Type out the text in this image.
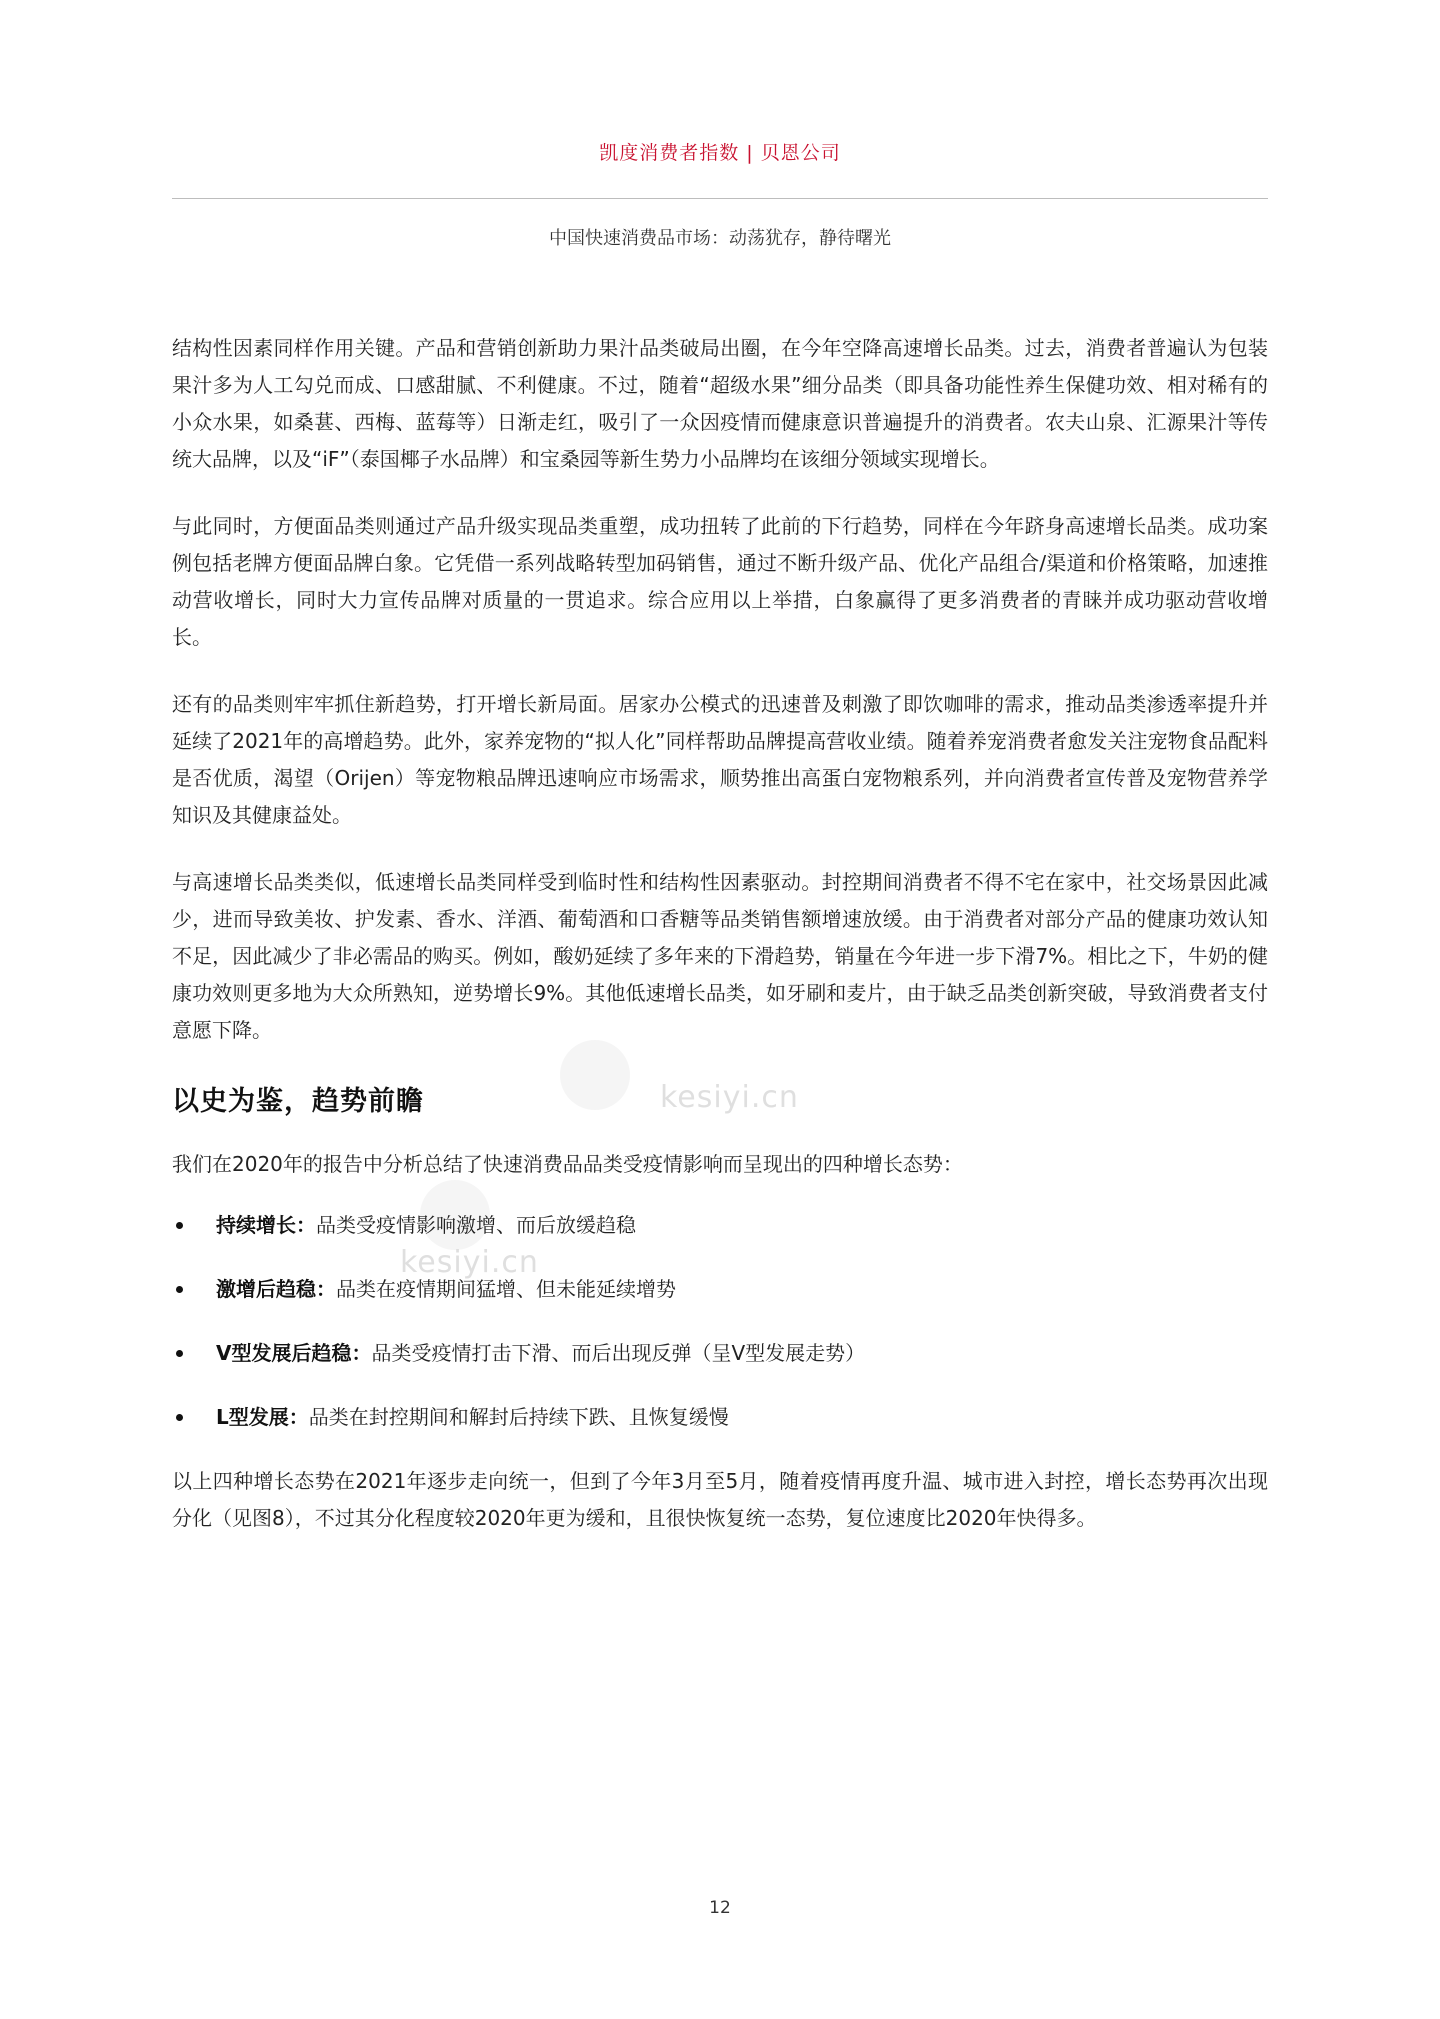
凯度消费者指数 | 贝恩公司
中国快速消费品市场：动荡犹存，静待曙光
kesiyi.cn
kesiyi.cn

结构性因素同样作用关键。产品和营销创新助力果汁品类破局出圈，在今年空降高速增长品类。过去，消费者普遍认为包装果汁多为人工勾兑而成、口感甜腻、不利健康。不过，随着“超级水果”细分品类（即具备功能性养生保健功效、相对稀有的小众水果，如桑葚、西梅、蓝莓等）日渐走红，吸引了一众因疫情而健康意识普遍提升的消费者。农夫山泉、汇源果汁等传统大品牌，以及“iF”（泰国椰子水品牌）和宝桑园等新生势力小品牌均在该细分领域实现增长。

与此同时，方便面品类则通过产品升级实现品类重塑，成功扭转了此前的下行趋势，同样在今年跻身高速增长品类。成功案例包括老牌方便面品牌白象。它凭借一系列战略转型加码销售，通过不断升级产品、优化产品组合/渠道和价格策略，加速推动营收增长，同时大力宣传品牌对质量的一贯追求。综合应用以上举措，白象赢得了更多消费者的青睐并成功驱动营收增长。

还有的品类则牢牢抓住新趋势，打开增长新局面。居家办公模式的迅速普及刺激了即饮咖啡的需求，推动品类渗透率提升并延续了2021年的高增趋势。此外，家养宠物的“拟人化”同样帮助品牌提高营收业绩。随着养宠消费者愈发关注宠物食品配料是否优质，渴望（Orijen）等宠物粮品牌迅速响应市场需求，顺势推出高蛋白宠物粮系列，并向消费者宣传普及宠物营养学知识及其健康益处。

与高速增长品类类似，低速增长品类同样受到临时性和结构性因素驱动。封控期间消费者不得不宅在家中，社交场景因此减少，进而导致美妆、护发素、香水、洋酒、葡萄酒和口香糖等品类销售额增速放缓。由于消费者对部分产品的健康功效认知不足，因此减少了非必需品的购买。例如，酸奶延续了多年来的下滑趋势，销量在今年进一步下滑7%。相比之下，牛奶的健康功效则更多地为大众所熟知，逆势增长9%。其他低速增长品类，如牙刷和麦片，由于缺乏品类创新突破，导致消费者支付意愿下降。

以史为鉴，趋势前瞻

我们在2020年的报告中分析总结了快速消费品品类受疫情影响而呈现出的四种增长态势：

持续增长：品类受疫情影响激增、而后放缓趋稳
激增后趋稳：品类在疫情期间猛增、但未能延续增势
V型发展后趋稳：品类受疫情打击下滑、而后出现反弹（呈V型发展走势）
L型发展：品类在封控期间和解封后持续下跌、且恢复缓慢

以上四种增长态势在2021年逐步走向统一，但到了今年3月至5月，随着疫情再度升温、城市进入封控，增长态势再次出现分化（见图8），不过其分化程度较2020年更为缓和，且很快恢复统一态势，复位速度比2020年快得多。

12
